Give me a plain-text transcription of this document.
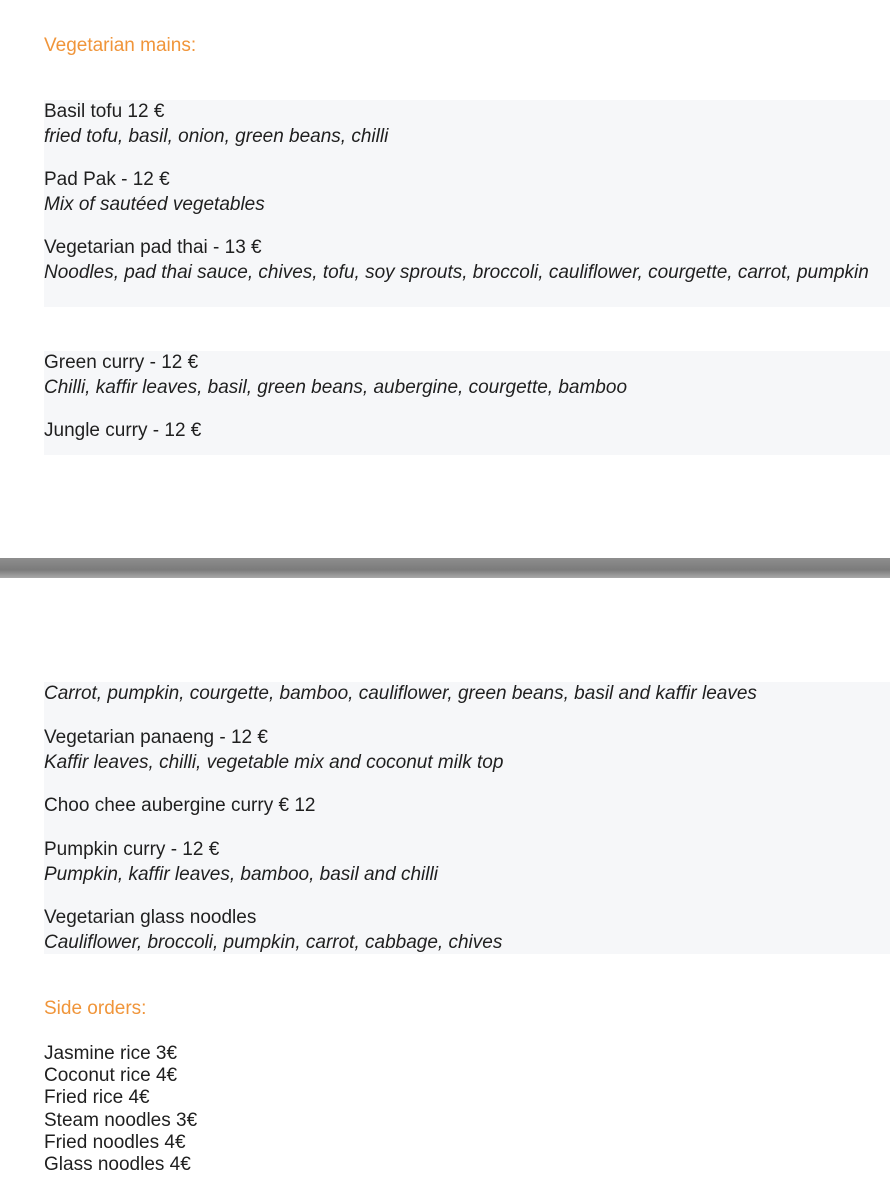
Vegetarian mains:
Basil tofu 12 €
fried tofu, basil, onion, green beans, chilli
Pad Pak - 12 €
Mix of sautéed vegetables
Vegetarian pad thai - 13 €
Noodles, pad thai sauce, chives, tofu, soy sprouts, broccoli, cauliflower, courgette, carrot, pumpkin
Green curry - 12 €
Chilli, kaffir leaves, basil, green beans, aubergine, courgette, bamboo
Jungle curry - 12 €
Carrot, pumpkin, courgette, bamboo, cauliflower, green beans, basil and kaffir leaves
Vegetarian panaeng - 12 €
Kaffir leaves, chilli, vegetable mix and coconut milk top
Choo chee aubergine curry € 12
Pumpkin curry - 12 €
Pumpkin, kaffir leaves, bamboo, basil and chilli
Vegetarian glass noodles
Cauliflower, broccoli, pumpkin, carrot, cabbage, chives
Side orders:
Jasmine rice 3€
Coconut rice 4€
Fried rice 4€
Steam noodles 3€
Fried noodles 4€
Glass noodles 4€
